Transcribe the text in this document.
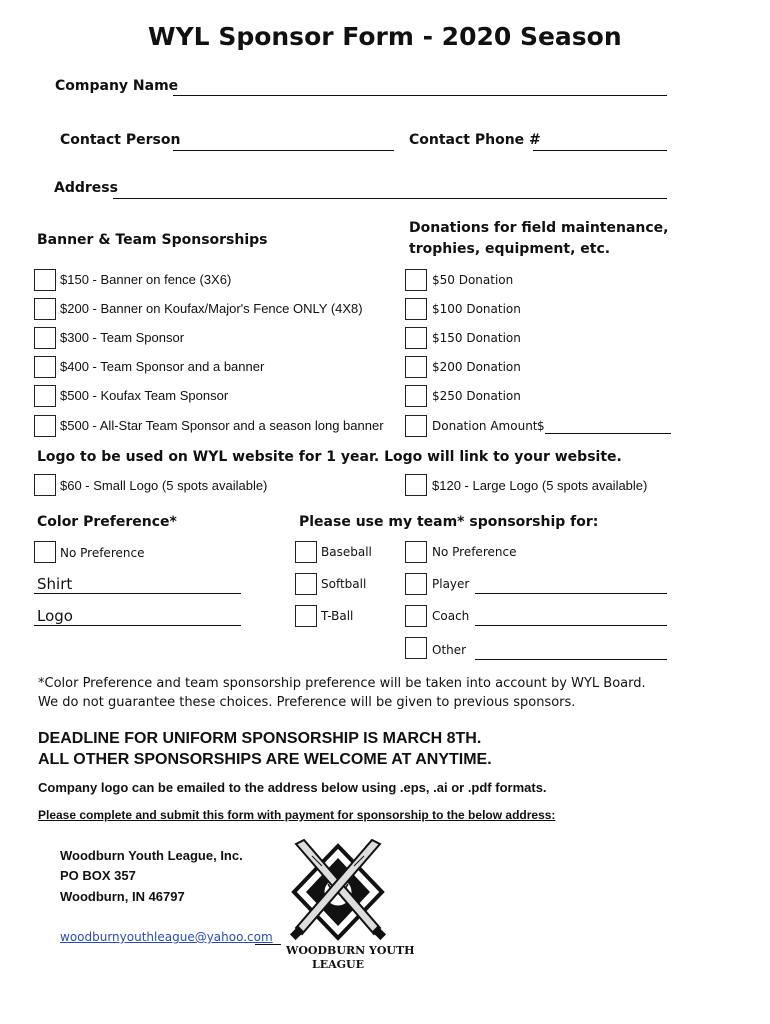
WYL Sponsor Form - 2020 Season
Company Name
Contact Person	Contact Phone #
Address
Banner & Team Sponsorships
Donations for field maintenance,
trophies, equipment, etc.
$150 - Banner on fence (3X6)
$200 - Banner on Koufax/Major's Fence ONLY (4X8)
$300 - Team Sponsor
$400 - Team Sponsor and a banner
$500 - Koufax Team Sponsor
$500 - All-Star Team Sponsor and a season long banner
$50 Donation
$100 Donation
$150 Donation
$200 Donation
$250 Donation
Donation Amount $
Logo to be used on WYL website for 1 year. Logo will link to your website.
$60 - Small Logo (5 spots available)	$120 - Large Logo (5 spots available)
Color Preference*
No Preference
Shirt
Logo
Please use my team* sponsorship for:
Baseball
Softball
T-Ball
No Preference
Player
Coach
Other
*Color Preference and team sponsorship preference will be taken into account by WYL Board.
We do not guarantee these choices. Preference will be given to previous sponsors.
DEADLINE FOR UNIFORM SPONSORSHIP IS MARCH 8TH.
ALL OTHER SPONSORSHIPS ARE WELCOME AT ANYTIME.
Company logo can be emailed to the address below using .eps, .ai or .pdf formats.
Please complete and submit this form with payment for sponsorship to the below address:
Woodburn Youth League, Inc.
PO BOX 357
Woodburn, IN 46797
woodburnyouthleague@yahoo.com
WOODBURN YOUTH
LEAGUE
